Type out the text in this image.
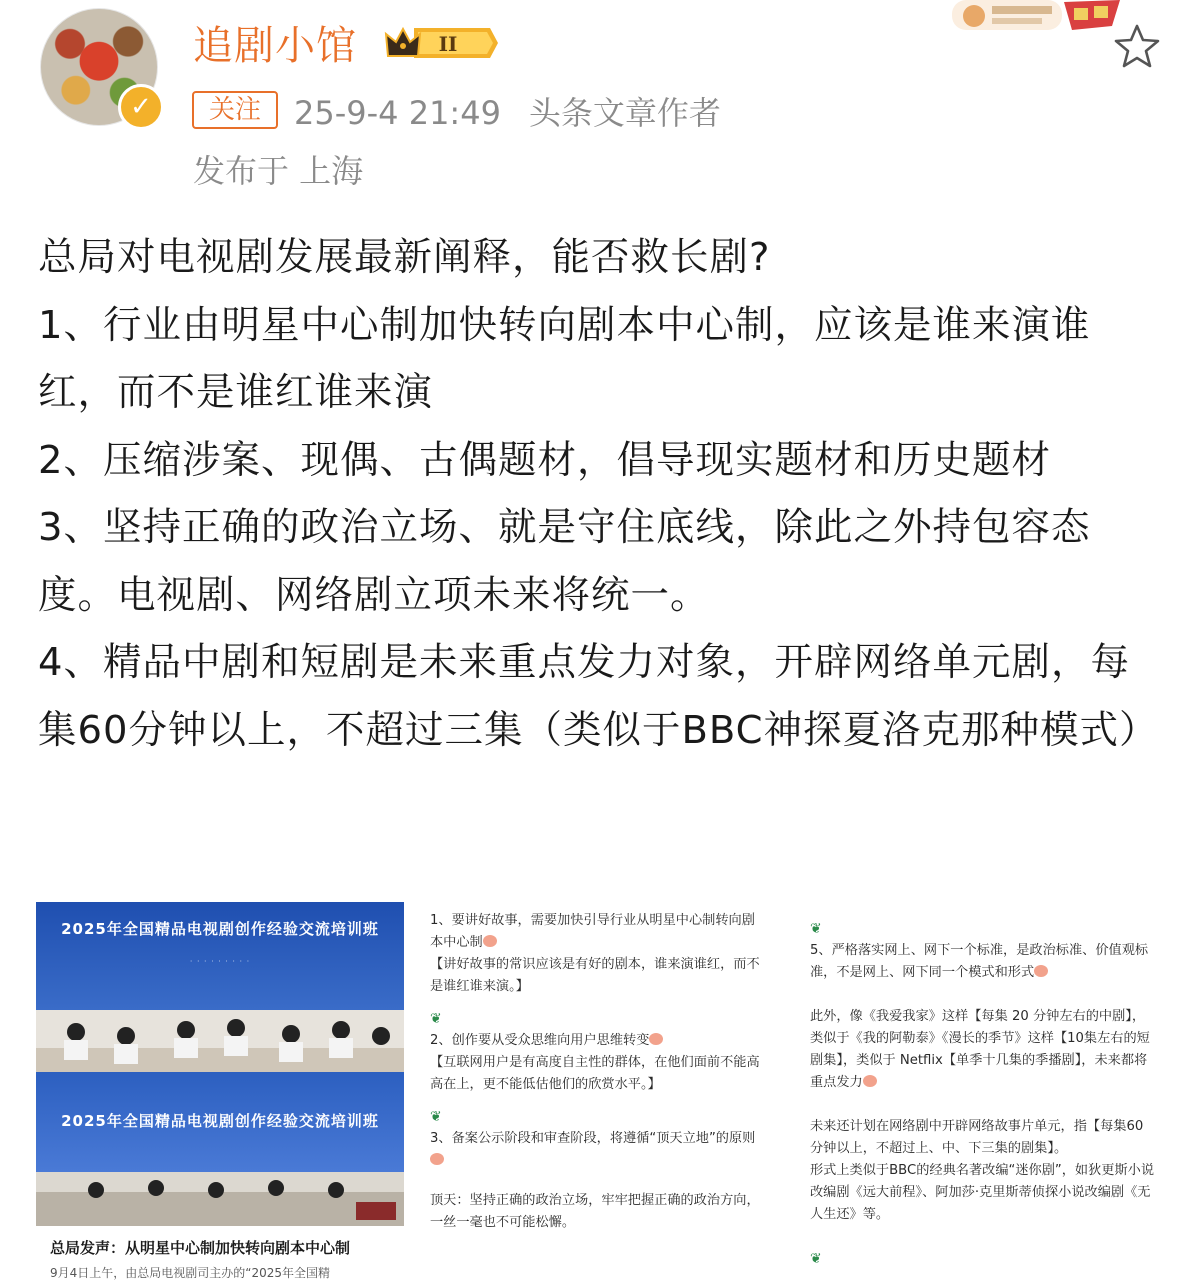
✓
追剧小馆	II
关注	25-9-4 21:49 头条文章作者
发布于 上海

总局对电视剧发展最新阐释，能否救长剧?

1、行业由明星中心制加快转向剧本中心制，应该是谁来演谁红，而不是谁红谁来演

2、压缩涉案、现偶、古偶题材，倡导现实题材和历史题材

3、坚持正确的政治立场、就是守住底线，除此之外持包容态度。电视剧、网络剧立项未来将统一。

4、精品中剧和短剧是未来重点发力对象，开辟网络单元剧，每集60分钟以上，不超过三集（类似于BBC神探夏洛克那种模式）

2025年全国精品电视剧创作经验交流培训班
· · · · · · · · ·
2025年全国精品电视剧创作经验交流培训班
总局发声：从明星中心制加快转向剧本中心制
9月4日上午，由总局电视剧司主办的“2025年全国精

1、要讲好故事，需要加快引导行业从明星中心制转向剧本中心制

【讲好故事的常识应该是有好的剧本，谁来演谁红，而不是谁红谁来演。】

❦

2、创作要从受众思维向用户思维转变

【互联网用户是有高度自主性的群体，在他们面前不能高高在上，更不能低估他们的欣赏水平。】

❦

3、备案公示阶段和审查阶段，将遵循“顶天立地”的原则

顶天：坚持正确的政治立场，牢牢把握正确的政治方向，一丝一毫也不可能松懈。

❦

5、严格落实网上、网下一个标准，是政治标准、价值观标准，不是网上、网下同一个模式和形式

此外，像《我爱我家》这样【每集 20 分钟左右的中剧】，类似于《我的阿勒泰》《漫长的季节》这样【10集左右的短剧集】，类似于 Netflix【单季十几集的季播剧】，未来都将重点发力

未来还计划在网络剧中开辟网络故事片单元，指【每集60分钟以上，不超过上、中、下三集的剧集】。

形式上类似于BBC的经典名著改编“迷你剧”，如狄更斯小说改编剧《远大前程》、阿加莎·克里斯蒂侦探小说改编剧《无人生还》等。

❦
